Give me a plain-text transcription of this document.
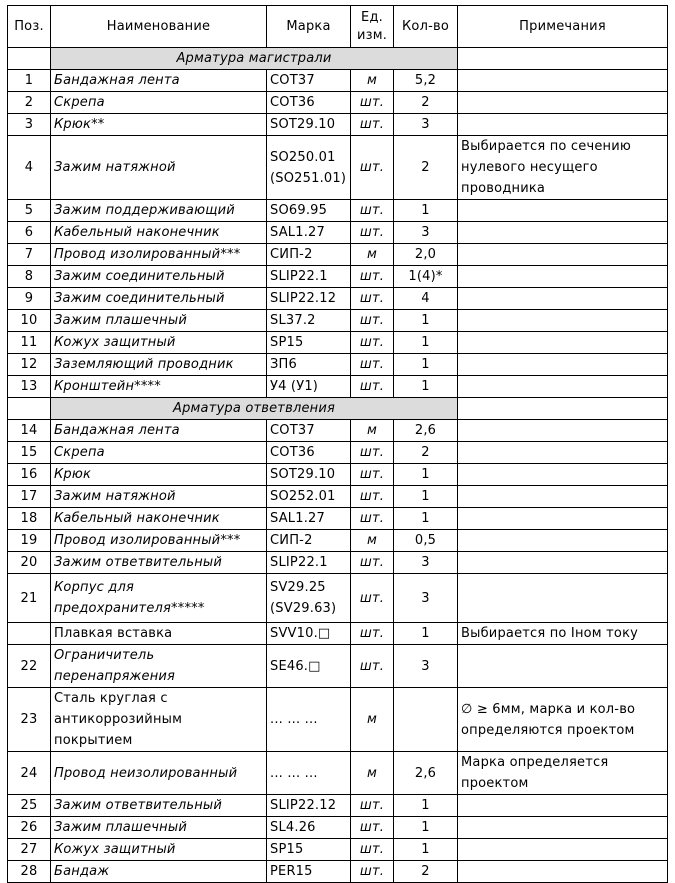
Поз.	Наименование	Марка	Ед. изм.	Кол-во	Примечания
	Арматура магистрали				
1	Бандажная лента	СОТ37	м	5,2	
2	Скрепа	СОТ36	шт.	2	
3	Крюк**	SOT29.10	шт.	3	
4	Зажим натяжной	SO250.01 (SO251.01)	шт.	2	Выбирается по сечению нулевого несущего проводника
5	Зажим поддерживающий	SO69.95	шт.	1	
6	Кабельный наконечник	SAL1.27	шт.	3	
7	Провод изолированный***	СИП-2	м	2,0	
8	Зажим соединительный	SLIP22.1	шт.	1(4)*	
9	Зажим соединительный	SLIP22.12	шт.	4	
10	Зажим плашечный	SL37.2	шт.	1	
11	Кожух защитный	SP15	шт.	1	
12	Заземляющий проводник	ЗП6	шт.	1	
13	Кронштейн****	У4 (У1)	шт.	1	
	Арматура ответвления				
14	Бандажная лента	СОТ37	м	2,6	
15	Скрепа	СОТ36	шт.	2	
16	Крюк	SOT29.10	шт.	1	
17	Зажим натяжной	SO252.01	шт.	1	
18	Кабельный наконечник	SAL1.27	шт.	1	
19	Провод изолированный***	СИП-2	м	0,5	
20	Зажим ответвительный	SLIP22.1	шт.	3	
21	Корпус для предохранителя*****	SV29.25 (SV29.63)	шт.	3	
	Плавкая вставка	SVV10.□	шт.	1	Выбирается по Iном току
22	Ограничитель перенапряжения	SE46.□	шт.	3	
23	Сталь круглая с антикоррозийным покрытием	... ... ...	м		∅ ≥ 6мм, марка и кол-во определяются проектом
24	Провод неизолированный	... ... ...	м	2,6	Марка определяется проектом
25	Зажим ответвительный	SLIP22.12	шт.	1	
26	Зажим плашечный	SL4.26	шт.	1	
27	Кожух защитный	SP15	шт.	1	
28	Бандаж	PER15	шт.	2	
